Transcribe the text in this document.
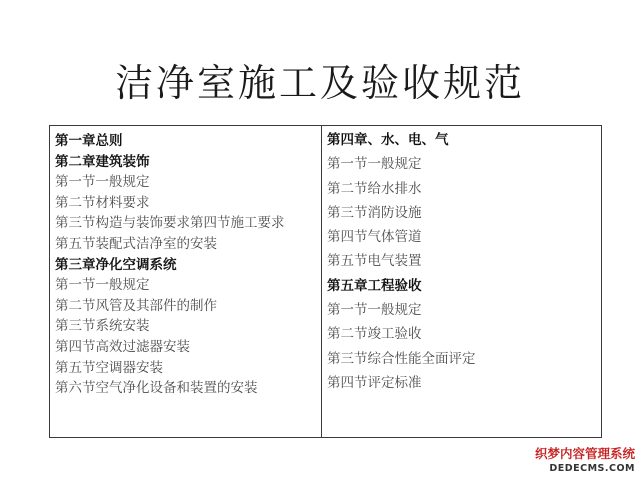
洁净室施工及验收规范
第一章总则
第二章建筑装饰
第一节一般规定
第二节材料要求
第三节构造与装饰要求第四节施工要求
第五节装配式洁净室的安装
第三章净化空调系统
第一节一般规定
第二节风管及其部件的制作
第三节系统安装
第四节高效过滤器安装
第五节空调器安装
第六节空气净化设备和装置的安装
第四章、水、电、气
第一节一般规定
第二节给水排水
第三节消防设施
第四节气体管道
第五节电气装置
第五章工程验收
第一节一般规定
第二节竣工验收
第三节综合性能全面评定
第四节评定标准
织梦内容管理系统
DEDECMS.COM
